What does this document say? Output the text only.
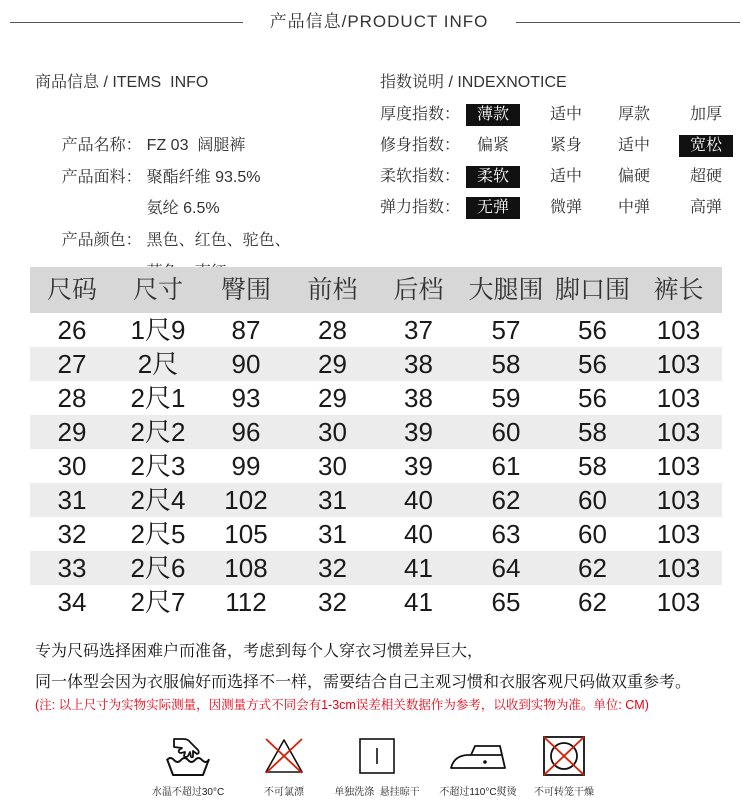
产品信息/PRODUCT INFO
商品信息 / ITEMS  INFO

产品名称： FZ 03  阔腿裤

产品面料： 聚酯纤维 93.5%

氨纶 6.5%

产品颜色： 黑色、红色、驼色、

指数说明 / INDEXNOTICE
厚度指数：	薄款	适中	厚款	加厚
修身指数：	偏紧	紧身	适中	宽松
柔软指数：	柔软	适中	偏硬	超硬
弹力指数：	无弹	微弹	中弹	高弹
尺码	尺寸	臀围	前档	后档 大腿围 脚口围 裤长
26	1尺9	87	28	37	57	56	103
27	2尺	90	29	38	58	56	103
28	2尺1	93	29	38	59	56	103
29	2尺2	96	30	39	60	58	103
30	2尺3	99	30	39	61	58	103
31	2尺4	102	31	40	62	60	103
32	2尺5	105	31	40	63	60	103
33	2尺6	108	32	41	64	62	103
34	2尺7	112	32	41	65	62	103
专为尺码选择困难户而准备，考虑到每个人穿衣习惯差异巨大，
同一体型会因为衣服偏好而选择不一样，需要结合自己主观习惯和衣服客观尺码做双重参考。
(注: 以上尺寸为实物实际测量，因测量方式不同会有1-3cm误差相关数据作为参考，以收到实物为准。单位: CM)
水温不超过30°C	不可氯漂	单独洗涤  悬挂晾干	不超过110°C熨烫	不可转笼干燥
